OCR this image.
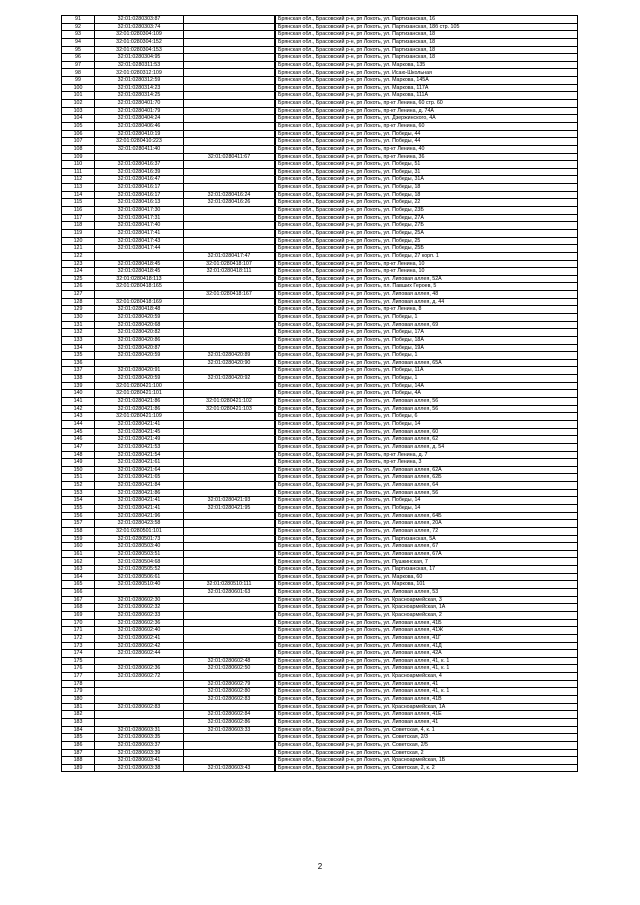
91	32:01:0280303:87			Брянская обл., Брасовский р-н, рп Локоть, ул. Партизанская, 16
92	32:01:0280303:74			Брянская обл., Брасовский р-н, рп Локоть, ул. Партизанская, 18б стр. 105
93	32:01:0280304:109			Брянская обл., Брасовский р-н, рп Локоть, ул. Партизанская, 18
94	32:01:0280304:152			Брянская обл., Брасовский р-н, рп Локоть, ул. Партизанская, 18
95	32:01:0280304:153			Брянская обл., Брасовский р-н, рп Локоть, ул. Партизанская, 18
96	32:01:0280304:95			Брянская обл., Брасовский р-н, рп Локоть, ул. Партизанская, 18
97	32:01:0280311:53			Брянская обл., Брасовский р-н, рп Локоть, ул. Маркова, 135
98	32:01:0280312:109			Брянская обл., Брасовский р-н, рп Локоть, ул. Исаю-Школьная
99	32:01:0280312:59			Брянская обл., Брасовский р-н, рп Локоть, ул. Маркова, 145А
100	32:01:0280314:23			Брянская обл., Брасовский р-н, рп Локоть, ул. Маркова, 117А
101	32:01:0280314:25			Брянская обл., Брасовский р-н, рп Локоть, ул. Маркова, 111А
102	32:01:0280401:70			Брянская обл., Брасовский р-н, рп Локоть, пр-кт Ленина, 60 стр. 60
103	32:01:0280401:79			Брянская обл., Брасовский р-н, рп Локоть, пр-кт Ленина, д. 74А
104	32:01:0280404:24			Брянская обл., Брасовский р-н, рп Локоть, ул. Дзержинского, 4А
105	32:01:0280406:46			Брянская обл., Брасовский р-н, рп Локоть, пр-кт Ленина, 60
106	32:01:0280410:19			Брянская обл., Брасовский р-н, рп Локоть, ул. Победы, 44
107	32:01:0280410:223			Брянская обл., Брасовский р-н, рп Локоть, ул. Победы, 44
108	32:01:0280411:40			Брянская обл., Брасовский р-н, рп Локоть, пр-кт Ленина, 40
109		32:01:0280411:67		Брянская обл., Брасовский р-н, рп Локоть, пр-кт Ленина, 36
110	32:01:0280416:37			Брянская обл., Брасовский р-н, рп Локоть, ул. Победы, 51
111	32:01:0280416:39			Брянская обл., Брасовский р-н, рп Локоть, ул. Победы, 31
112	32:01:0280416:47			Брянская обл., Брасовский р-н, рп Локоть, ул. Победы, 31А
113	32:01:0280416:17			Брянская обл., Брасовский р-н, рп Локоть, ул. Победы, 18
114	32:01:0280416:17	32:01:0280416:24		Брянская обл., Брасовский р-н, рп Локоть, ул. Победы, 18
115	32:01:0280416:13	32:01:0280416:26		Брянская обл., Брасовский р-н, рп Локоть, ул. Победы, 22
116	32:01:0280417:30			Брянская обл., Брасовский р-н, рп Локоть, ул. Победы, 23Б
117	32:01:0280417:31			Брянская обл., Брасовский р-н, рп Локоть, ул. Победы, 27А
118	32:01:0280417:40			Брянская обл., Брасовский р-н, рп Локоть, ул. Победы, 27Б
119	32:01:0280417:41			Брянская обл., Брасовский р-н, рп Локоть, ул. Победы, 25А
120	32:01:0280417:43			Брянская обл., Брасовский р-н, рп Локоть, ул. Победы, 25
121	32:01:0280417:44			Брянская обл., Брасовский р-н, рп Локоть, ул. Победы, 25Б
122		32:01:0280417:47		Брянская обл., Брасовский р-н, рп Локоть, ул. Победы, 27 корп. 1
123	32:01:0280418:45	32:01:0280418:107		Брянская обл., Брасовский р-н, рп Локоть, пр-кт Ленина, 10
124	32:01:0280418:45	32:01:0280418:111		Брянская обл., Брасовский р-н, рп Локоть, пр-кт Ленина, 10
125	32:01:0280418:113			Брянская обл., Брасовский р-н, рп Локоть, ул. Липовая аллея, 52А
126	32:01:0280418:165			Брянская обл., Брасовский р-н, рп Локоть, пл. Павших Героев, 5
127		32:01:0280418:167		Брянская обл., Брасовский р-н, рп Локоть, ул. Липовая аллея, 48
128	32:01:0280418:169			Брянская обл., Брасовский р-н, рп Локоть, ул. Липовая аллея, д. 44
129	32:01:0280418:48			Брянская обл., Брасовский р-н, рп Локоть, пр-кт Ленина, 8
130	32:01:0280420:59			Брянская обл., Брасовский р-н, рп Локоть, ул. Победы, 1
131	32:01:0280420:68			Брянская обл., Брасовский р-н, рп Локоть, ул. Липовая аллея, 69
132	32:01:0280420:82			Брянская обл., Брасовский р-н, рп Локоть, ул. Победы, 17А
133	32:01:0280420:86			Брянская обл., Брасовский р-н, рп Локоть, ул. Победы, 18А
134	32:01:0280420:87			Брянская обл., Брасовский р-н, рп Локоть, ул. Победы, 19А
135	32:01:0280420:59	32:01:0280420:89		Брянская обл., Брасовский р-н, рп Локоть, ул. Победы, 1
136		32:01:0280420:90		Брянская обл., Брасовский р-н, рп Локоть, ул. Липовая аллея, 65А
137	32:01:0280420:91			Брянская обл., Брасовский р-н, рп Локоть, ул. Победы, 11А
138	32:01:0280420:59	32:01:0280420:92		Брянская обл., Брасовский р-н, рп Локоть, ул. Победы, 1
139	32:01:0280421:100			Брянская обл., Брасовский р-н, рп Локоть, ул. Победы, 14А
140	32:01:0280421:101			Брянская обл., Брасовский р-н, рп Локоть, ул. Победы, 4А
141	32:01:0280421:86	32:01:0280421:102		Брянская обл., Брасовский р-н, рп Локоть, ул. Липовая аллея, 56
142	32:01:0280421:86	32:01:0280421:103		Брянская обл., Брасовский р-н, рп Локоть, ул. Липовая аллея, 56
143	32:01:0280421:109			Брянская обл., Брасовский р-н, рп Локоть, ул. Победы, 6
144	32:01:0280421:41			Брянская обл., Брасовский р-н, рп Локоть, ул. Победы, 14
145	32:01:0280421:45			Брянская обл., Брасовский р-н, рп Локоть, ул. Липовая аллея, 60
146	32:01:0280421:49			Брянская обл., Брасовский р-н, рп Локоть, ул. Липовая аллея, 62
147	32:01:0280421:53			Брянская обл., Брасовский р-н, рп Локоть, ул. Липовая аллея, д. 54
148	32:01:0280421:54			Брянская обл., Брасовский р-н, рп Локоть, пр-кт Ленина, д. 7
149	32:01:0280421:61			Брянская обл., Брасовский р-н, рп Локоть, пр-кт Ленина, 3
150	32:01:0280421:64			Брянская обл., Брасовский р-н, рп Локоть, ул. Липовая аллея, 62А
151	32:01:0280421:65			Брянская обл., Брасовский р-н, рп Локоть, ул. Липовая аллея, 62Б
152	32:01:0280421:84			Брянская обл., Брасовский р-н, рп Локоть, ул. Липовая аллея, 64
153	32:01:0280421:86			Брянская обл., Брасовский р-н, рп Локоть, ул. Липовая аллея, 56
154	32:01:0280421:41	32:01:0280421:93		Брянская обл., Брасовский р-н, рп Локоть, ул. Победы, 14
155	32:01:0280421:41	32:01:0280421:95		Брянская обл., Брасовский р-н, рп Локоть, ул. Победы, 14
156	32:01:0280421:96			Брянская обл., Брасовский р-н, рп Локоть, ул. Липовая аллея, 64Б
157	32:01:0280423:58			Брянская обл., Брасовский р-н, рп Локоть, ул. Липовая аллея, 20А
158	32:01:0280501:101			Брянская обл., Брасовский р-н, рп Локоть, ул. Липовая аллея, 72
159	32:01:0280501:73			Брянская обл., Брасовский р-н, рп Локоть, ул. Партизанская, 5А
160	32:01:0280503:40			Брянская обл., Брасовский р-н, рп Локоть, ул. Липовая аллея, 67
161	32:01:0280503:51			Брянская обл., Брасовский р-н, рп Локоть, ул. Липовая аллея, 67А
162	32:01:0280504:68			Брянская обл., Брасовский р-н, рп Локоть, ул. Пушкинская, 7
163	32:01:0280505:52			Брянская обл., Брасовский р-н, рп Локоть, ул. Партизанская, 17
164	32:01:0280506:61			Брянская обл., Брасовский р-н, рп Локоть, ул. Маркова, 60
165	32:01:0280510:40	32:01:0280510:111		Брянская обл., Брасовский р-н, рп Локоть, ул. Маркова, 101
166		32:01:0280601:63		Брянская обл., Брасовский р-н, рп Локоть, ул. Липовая аллея, 53
167	32:01:0280602:30			Брянская обл., Брасовский р-н, рп Локоть, ул. Красноармейская, 3
168	32:01:0280602:32			Брянская обл., Брасовский р-н, рп Локоть, ул. Красноармейская, 1А
169	32:01:0280602:33			Брянская обл., Брасовский р-н, рп Локоть, ул. Красноармейская, 2
170	32:01:0280602:36			Брянская обл., Брасовский р-н, рп Локоть, ул. Липовая аллея, 41Б
171	32:01:0280602:40			Брянская обл., Брасовский р-н, рп Локоть, ул. Липовая аллея, 41Ж
172	32:01:0280602:41			Брянская обл., Брасовский р-н, рп Локоть, ул. Липовая аллея, 41Г
173	32:01:0280602:42			Брянская обл., Брасовский р-н, рп Локоть, ул. Липовая аллея, 41Д
174	32:01:0280602:44			Брянская обл., Брасовский р-н, рп Локоть, ул. Липовая аллея, 42А
175		32:01:0280602:48		Брянская обл., Брасовский р-н, рп Локоть, ул. Липовая аллея, 41, к. 1
176	32:01:0280602:36	32:01:0280602:50		Брянская обл., Брасовский р-н, рп Локоть, ул. Липовая аллея, 41, к. 1
177	32:01:0280602:72			Брянская обл., Брасовский р-н, рп Локоть, ул. Красноармейская, 4
178		32:01:0280602:79		Брянская обл., Брасовский р-н, рп Локоть, ул. Липовая аллея, 41
179		32:01:0280602:80		Брянская обл., Брасовский р-н, рп Локоть, ул. Липовая аллея, 41, к. 1
180		32:01:0280602:83		Брянская обл., Брасовский р-н, рп Локоть, ул. Липовая аллея, 41В
181	32:01:0280602:83			Брянская обл., Брасовский р-н, рп Локоть, ул. Красноармейская, 1А
182		32:01:0280602:84		Брянская обл., Брасовский р-н, рп Локоть, ул. Липовая аллея, 41Е
183		32:01:0280602:86		Брянская обл., Брасовский р-н, рп Локоть, ул. Липовая аллея, 41
184	32:01:0280603:31	32:01:0280603:33		Брянская обл., Брасовский р-н, рп Локоть, ул. Советская, 4, к. 1
185	32:01:0280603:35			Брянская обл., Брасовский р-н, рп Локоть, ул. Советская, 2/3
186	32:01:0280603:37			Брянская обл., Брасовский р-н, рп Локоть, ул. Советская, 2/5
187	32:01:0280603:39			Брянская обл., Брасовский р-н, рп Локоть, ул. Советская, 2
188	32:01:0280603:41			Брянская обл., Брасовский р-н, рп Локоть, ул. Красноармейская, 1Б
189	32:01:0280603:38	32:01:0280603:43		Брянская обл., Брасовский р-н, рп Локоть, ул. Советская, 2, к. 2
2
